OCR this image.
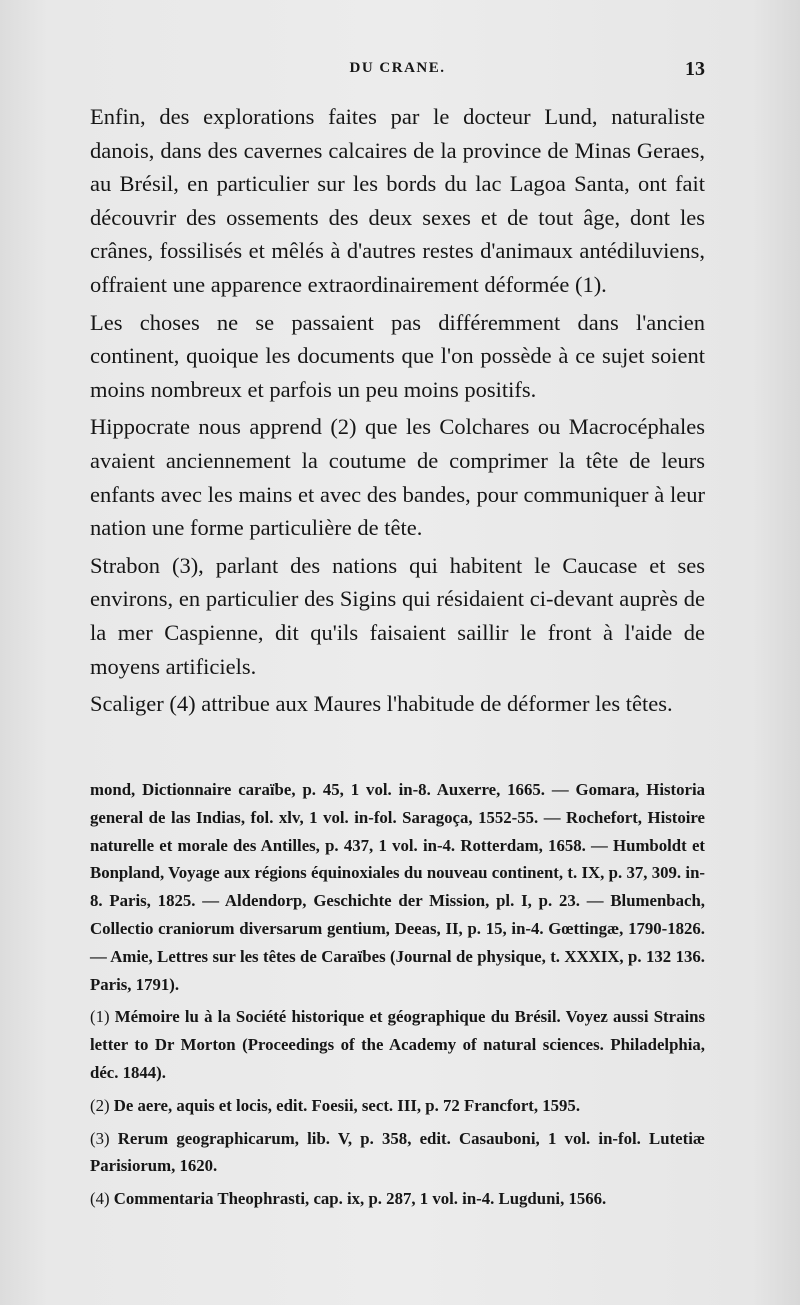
DU CRANE.	13

Enfin, des explorations faites par le docteur Lund, naturaliste danois, dans des cavernes calcaires de la province de Minas Geraes, au Brésil, en particulier sur les bords du lac Lagoa Santa, ont fait découvrir des ossements des deux sexes et de tout âge, dont les crânes, fossilisés et mêlés à d'autres restes d'animaux antédiluviens, offraient une apparence extraordinairement déformée (1).

Les choses ne se passaient pas différemment dans l'ancien continent, quoique les documents que l'on possède à ce sujet soient moins nombreux et parfois un peu moins positifs.

Hippocrate nous apprend (2) que les Colchares ou Macrocéphales avaient anciennement la coutume de comprimer la tête de leurs enfants avec les mains et avec des bandes, pour communiquer à leur nation une forme particulière de tête.

Strabon (3), parlant des nations qui habitent le Caucase et ses environs, en particulier des Sigins qui résidaient ci-devant auprès de la mer Caspienne, dit qu'ils faisaient saillir le front à l'aide de moyens artificiels.

Scaliger (4) attribue aux Maures l'habitude de déformer les têtes.

mond, Dictionnaire caraïbe, p. 45, 1 vol. in-8. Auxerre, 1665. — Gomara, Historia general de las Indias, fol. xlv, 1 vol. in-fol. Saragoça, 1552-55. — Rochefort, Histoire naturelle et morale des Antilles, p. 437, 1 vol. in-4. Rotterdam, 1658. — Humboldt et Bonpland, Voyage aux régions équinoxiales du nouveau continent, t. IX, p. 37, 309. in-8. Paris, 1825. — Aldendorp, Geschichte der Mission, pl. I, p. 23. — Blumenbach, Collectio craniorum diversarum gentium, Deeas, II, p. 15, in-4. Gœttingæ, 1790-1826. — Amie, Lettres sur les têtes de Caraïbes (Journal de physique, t. XXXIX, p. 132 136. Paris, 1791).

(1) Mémoire lu à la Société historique et géographique du Brésil. Voyez aussi Strains letter to Dr Morton (Proceedings of the Academy of natural sciences. Philadelphia, déc. 1844).

(2) De aere, aquis et locis, edit. Foesii, sect. III, p. 72 Francfort, 1595.

(3) Rerum geographicarum, lib. V, p. 358, edit. Casauboni, 1 vol. in-fol. Lutetiæ Parisiorum, 1620.

(4) Commentaria Theophrasti, cap. ix, p. 287, 1 vol. in-4. Lugduni, 1566.
